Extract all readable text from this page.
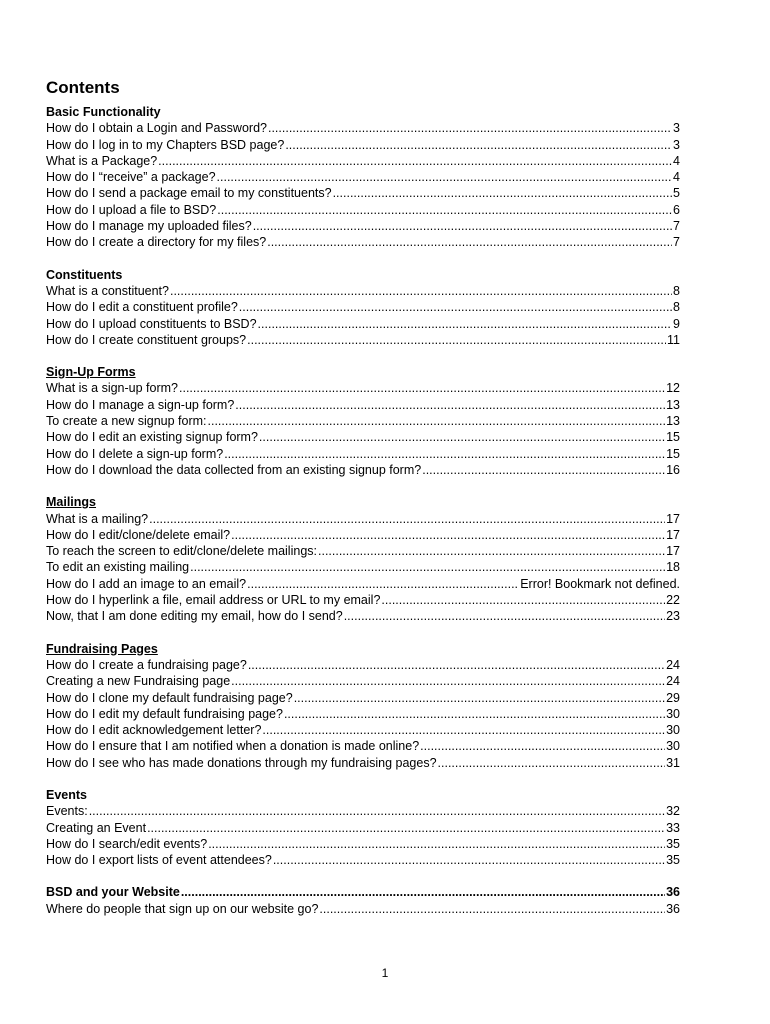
Contents
Basic Functionality
How do I obtain a Login and Password? .....	3
How do I log in to my Chapters BSD page? .....	3
What is a Package? .....	4
How do I “receive” a package? .....	4
How do I send a package email to my constituents? .....	5
How do I upload a file to BSD? .....	6
How do I manage my uploaded files? .....	7
How do I create a directory for my files? .....	7
Constituents
What is a constituent? .....	8
How do I edit a constituent profile? .....	8
How do I upload constituents to BSD? .....	9
How do I create constituent groups? .....	11
Sign-Up Forms
What is a sign-up form? .....	12
How do I manage a sign-up form? .....	13
To create a new signup form: .....	13
How do I edit an existing signup form? .....	15
How do I delete a sign-up form? .....	15
How do I download the data collected from an existing signup form? .....	16
Mailings
What is a mailing? .....	17
How do I edit/clone/delete email? .....	17
To reach the screen to edit/clone/delete mailings: .....	17
To edit an existing mailing .....	18
How do I add an image to an email? .....	Error! Bookmark not defined.
How do I hyperlink a file, email address or URL to my email? .....	22
Now, that I am done editing my email, how do I send? .....	23
Fundraising Pages
How do I create a fundraising page? .....	24
Creating a new Fundraising page .....	24
How do I clone my default fundraising page? .....	29
How do I edit my default fundraising page? .....	30
How do I edit acknowledgement letter? .....	30
How do I ensure that I am notified when a donation is made online? .....	30
How do I see who has made donations through my fundraising pages? .....	31
Events
Events: .....	32
Creating an Event .....	33
How do I search/edit events? .....	35
How do I export lists of event attendees? .....	35
BSD and your Website .....	36
Where do people that sign up on our website go? .....	36
1
